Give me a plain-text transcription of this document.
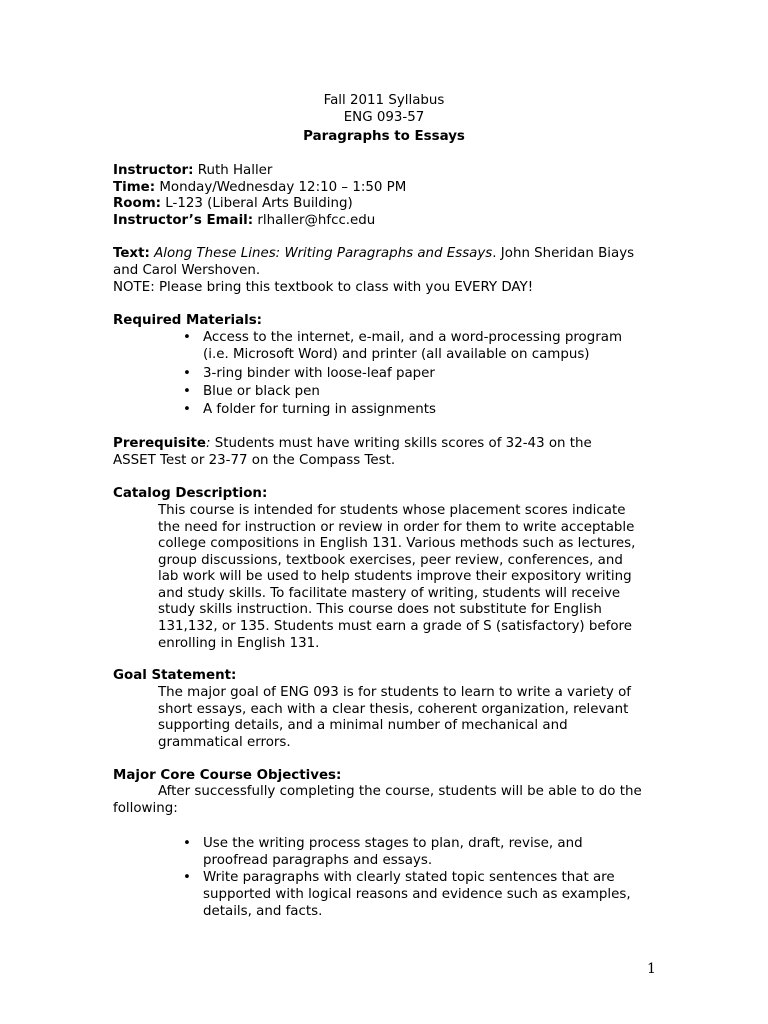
Fall 2011 Syllabus
ENG 093-57
Paragraphs to Essays
Instructor: Ruth Haller
Time: Monday/Wednesday 12:10 – 1:50 PM
Room: L-123 (Liberal Arts Building)
Instructor’s Email: rlhaller@hfcc.edu
Text: Along These Lines: Writing Paragraphs and Essays. John Sheridan Biays
and Carol Wershoven.
NOTE: Please bring this textbook to class with you EVERY DAY!
Required Materials:
• Access to the internet, e-mail, and a word-processing program
(i.e. Microsoft Word) and printer (all available on campus)
• 3-ring binder with loose-leaf paper
• Blue or black pen
• A folder for turning in assignments
Prerequisite: Students must have writing skills scores of 32-43 on the
ASSET Test or 23-77 on the Compass Test.
Catalog Description:
This course is intended for students whose placement scores indicate
the need for instruction or review in order for them to write acceptable
college compositions in English 131. Various methods such as lectures,
group discussions, textbook exercises, peer review, conferences, and
lab work will be used to help students improve their expository writing
and study skills. To facilitate mastery of writing, students will receive
study skills instruction. This course does not substitute for English
131,132, or 135. Students must earn a grade of S (satisfactory) before
enrolling in English 131.
Goal Statement:
The major goal of ENG 093 is for students to learn to write a variety of
short essays, each with a clear thesis, coherent organization, relevant
supporting details, and a minimal number of mechanical and
grammatical errors.
Major Core Course Objectives:
After successfully completing the course, students will be able to do the
following:
• Use the writing process stages to plan, draft, revise, and
proofread paragraphs and essays.
• Write paragraphs with clearly stated topic sentences that are
supported with logical reasons and evidence such as examples,
details, and facts.
1
